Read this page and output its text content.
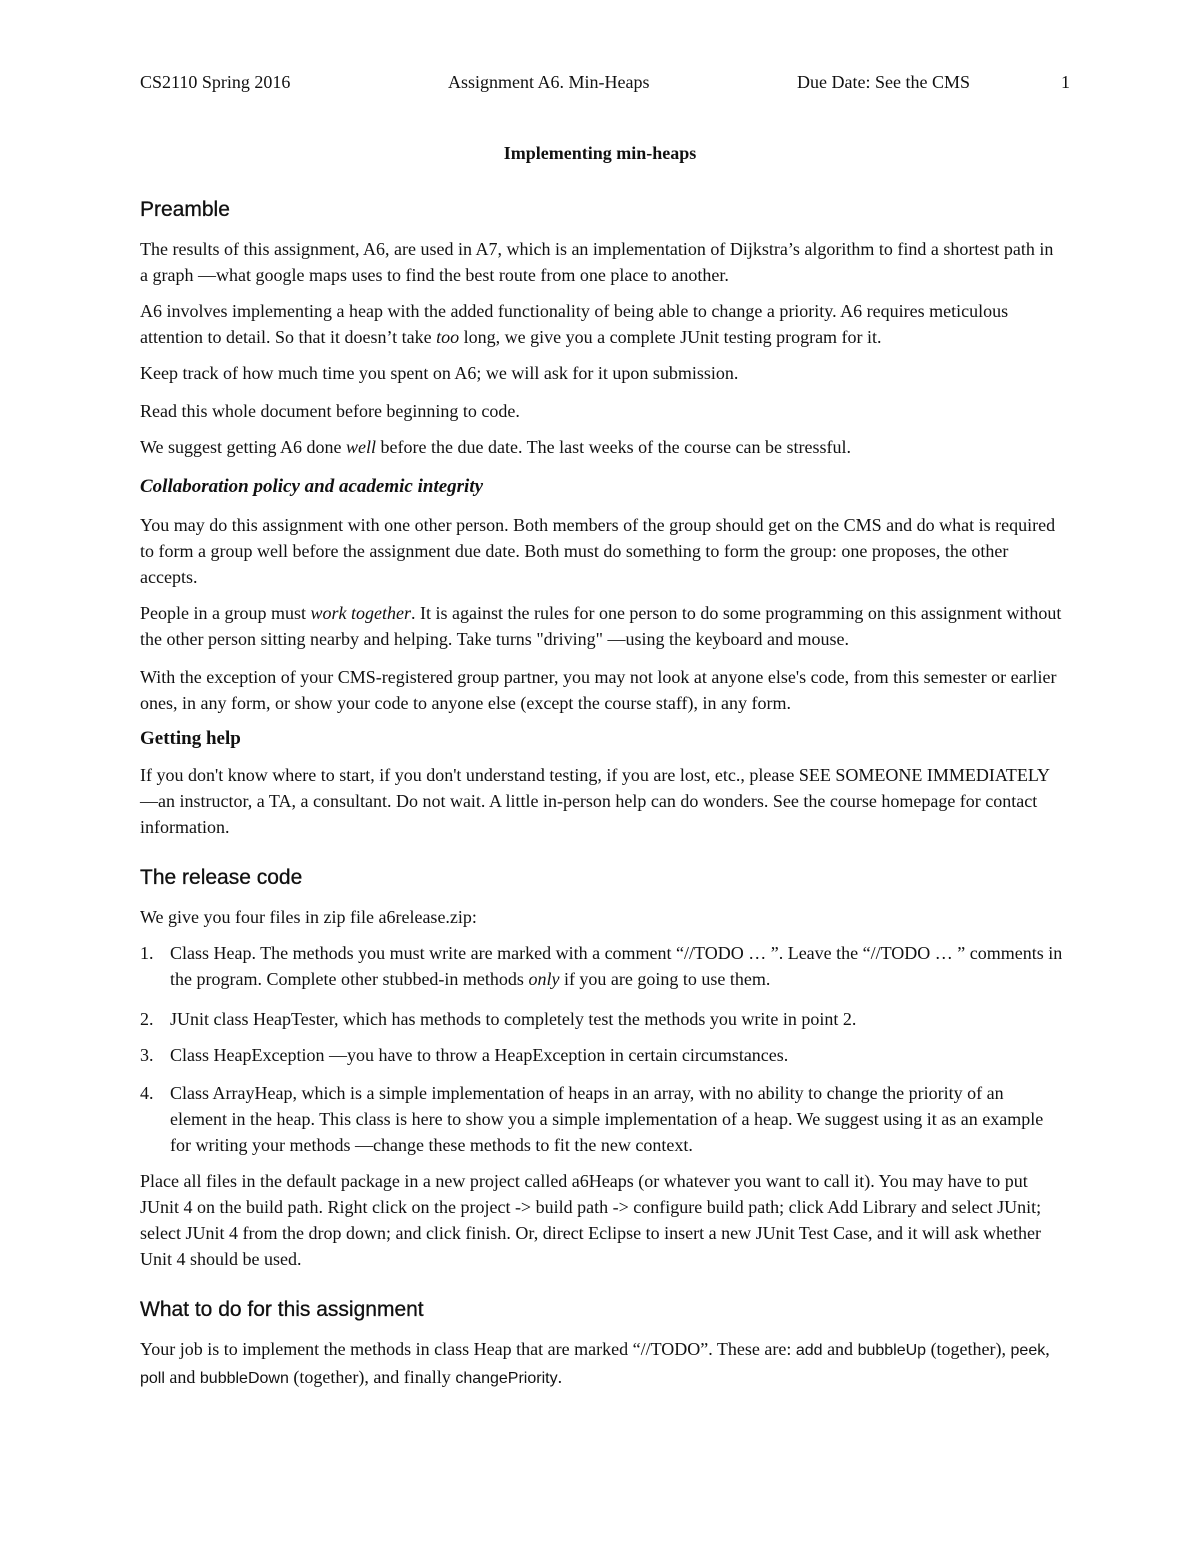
CS2110 Spring 2016	Assignment A6. Min-Heaps	Due Date: See the CMS	1
Implementing min-heaps
Preamble

The results of this assignment, A6, are used in A7, which is an implementation of Dijkstra’s algorithm to find a shortest path in a graph —what google maps uses to find the best route from one place to another.

A6 involves implementing a heap with the added functionality of being able to change a priority. A6 requires meticulous attention to detail. So that it doesn’t take too long, we give you a complete JUnit testing program for it.

Keep track of how much time you spent on A6; we will ask for it upon submission.

Read this whole document before beginning to code.

We suggest getting A6 done well before the due date. The last weeks of the course can be stressful.

Collaboration policy and academic integrity

You may do this assignment with one other person. Both members of the group should get on the CMS and do what is required to form a group well before the assignment due date. Both must do something to form the group: one proposes, the other accepts.

People in a group must work together. It is against the rules for one person to do some programming on this assignment without the other person sitting nearby and helping. Take turns "driving" —using the keyboard and mouse.

With the exception of your CMS-registered group partner, you may not look at anyone else's code, from this semester or earlier ones, in any form, or show your code to anyone else (except the course staff), in any form.

Getting help

If you don't know where to start, if you don't understand testing, if you are lost, etc., please SEE SOMEONE IMMEDIATELY —an instructor, a TA, a consultant. Do not wait. A little in-person help can do wonders. See the course homepage for contact information.

The release code

We give you four files in zip file a6release.zip:

1. Class Heap. The methods you must write are marked with a comment “//TODO … ”. Leave the “//TODO … ” comments in the program. Complete other stubbed-in methods only if you are going to use them.
2. JUnit class HeapTester, which has methods to completely test the methods you write in point 2.
3. Class HeapException —you have to throw a HeapException in certain circumstances.
4. Class ArrayHeap, which is a simple implementation of heaps in an array, with no ability to change the priority of an element in the heap. This class is here to show you a simple implementation of a heap. We suggest using it as an example for writing your methods —change these methods to fit the new context.

Place all files in the default package in a new project called a6Heaps (or whatever you want to call it). You may have to put JUnit 4 on the build path. Right click on the project -> build path -> configure build path; click Add Library and select JUnit; select JUnit 4 from the drop down; and click finish. Or, direct Eclipse to insert a new JUnit Test Case, and it will ask whether Unit 4 should be used.

What to do for this assignment

Your job is to implement the methods in class Heap that are marked “//TODO”. These are: add and bubbleUp (together), peek, poll and bubbleDown (together), and finally changePriority.
